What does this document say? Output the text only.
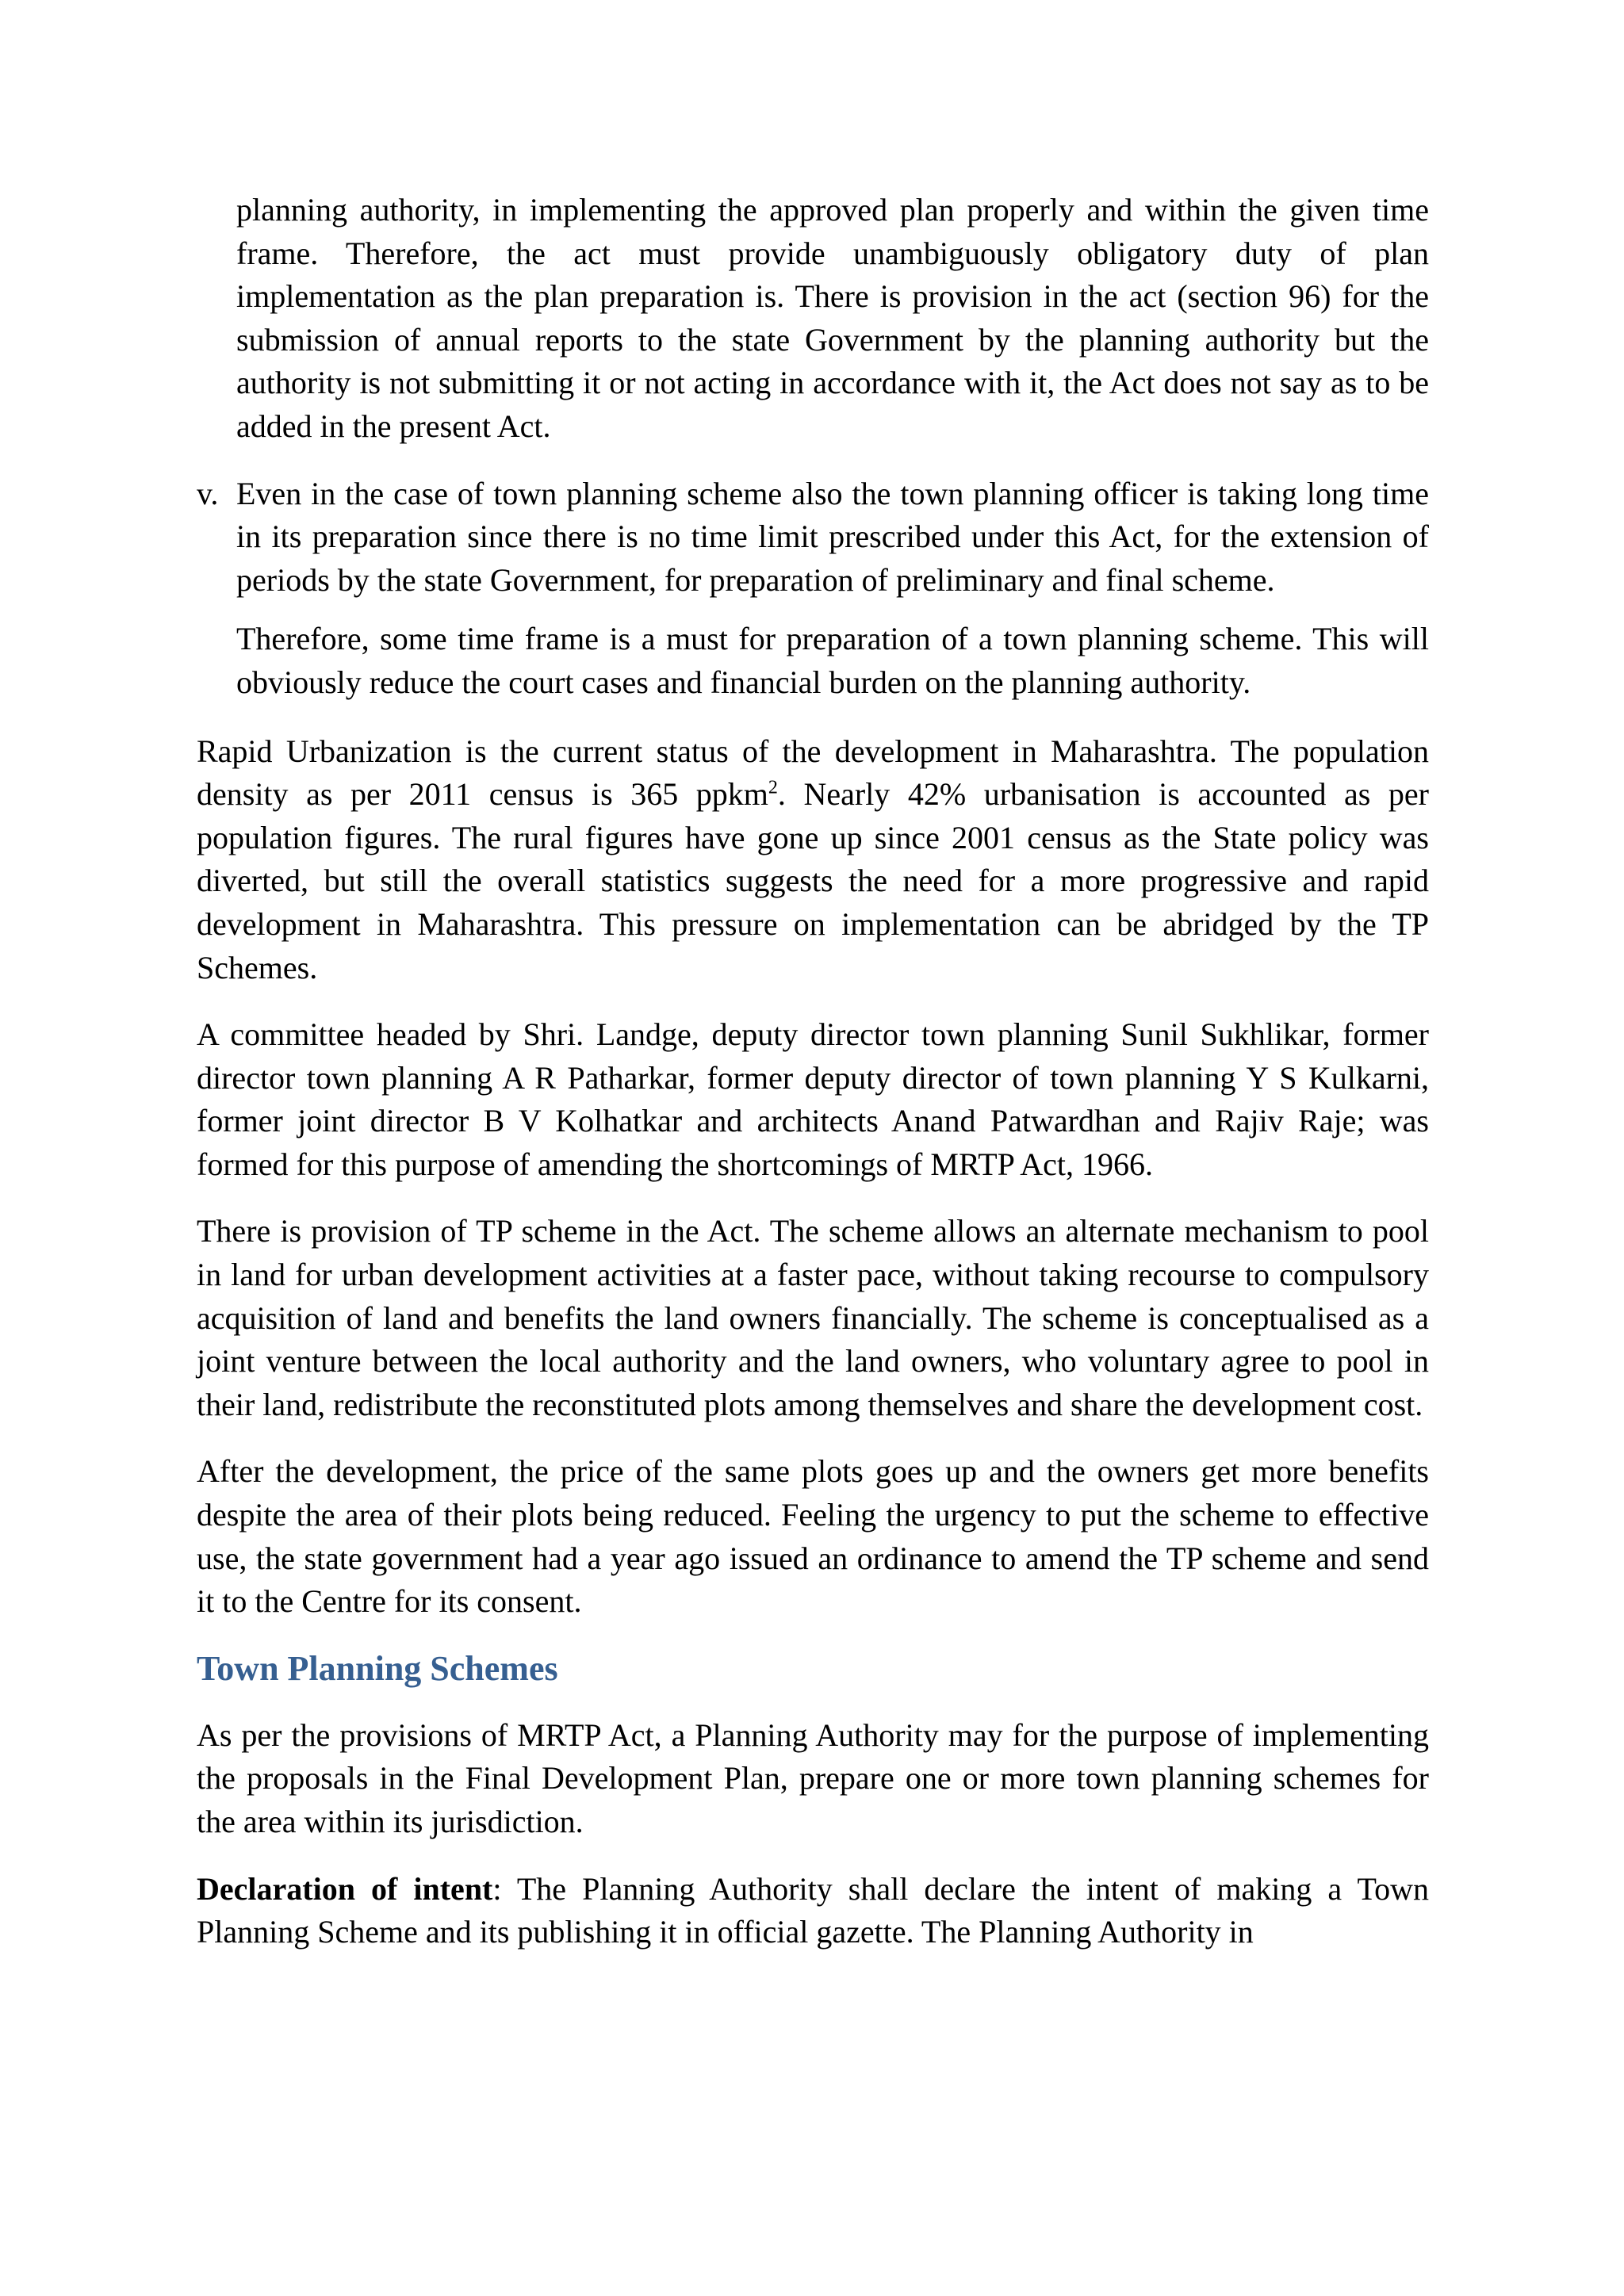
planning authority, in implementing the approved plan properly and within the given time frame. Therefore, the act must provide unambiguously obligatory duty of plan implementation as the plan preparation is. There is provision in the act (section 96) for the submission of annual reports to the state Government by the planning authority but the authority is not submitting it or not acting in accordance with it, the Act does not say as to be added in the present Act.

v. Even in the case of town planning scheme also the town planning officer is taking long time in its preparation since there is no time limit prescribed under this Act, for the extension of periods by the state Government, for preparation of preliminary and final scheme.

Therefore, some time frame is a must for preparation of a town planning scheme. This will obviously reduce the court cases and financial burden on the planning authority.

Rapid Urbanization is the current status of the development in Maharashtra. The population density as per 2011 census is 365 ppkm$^2$. Nearly 42% urbanisation is accounted as per population figures. The rural figures have gone up since 2001 census as the State policy was diverted, but still the overall statistics suggests the need for a more progressive and rapid development in Maharashtra. This pressure on implementation can be abridged by the TP Schemes.

A committee headed by Shri. Landge, deputy director town planning Sunil Sukhlikar, former director town planning A R Patharkar, former deputy director of town planning Y S Kulkarni, former joint director B V Kolhatkar and architects Anand Patwardhan and Rajiv Raje; was formed for this purpose of amending the shortcomings of MRTP Act, 1966.

There is provision of TP scheme in the Act. The scheme allows an alternate mechanism to pool in land for urban development activities at a faster pace, without taking recourse to compulsory acquisition of land and benefits the land owners financially. The scheme is conceptualised as a joint venture between the local authority and the land owners, who voluntary agree to pool in their land, redistribute the reconstituted plots among themselves and share the development cost.

After the development, the price of the same plots goes up and the owners get more benefits despite the area of their plots being reduced. Feeling the urgency to put the scheme to effective use, the state government had a year ago issued an ordinance to amend the TP scheme and send it to the Centre for its consent.

Town Planning Schemes

As per the provisions of MRTP Act, a Planning Authority may for the purpose of implementing the proposals in the Final Development Plan, prepare one or more town planning schemes for the area within its jurisdiction.

Declaration of intent: The Planning Authority shall declare the intent of making a Town Planning Scheme and its publishing it in official gazette. The Planning Authority in
